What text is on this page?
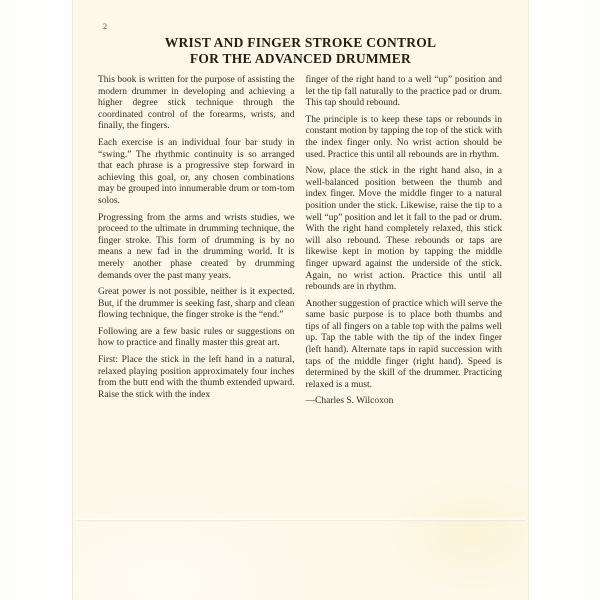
2
WRIST AND FINGER STROKE CONTROL
FOR THE ADVANCED DRUMMER

This book is written for the purpose of assisting the modern drummer in developing and achieving a higher degree stick technique through the coordinated control of the forearms, wrists, and finally, the fingers.

Each exercise is an individual four bar study in “swing.” The rhythmic continuity is so arranged that each phrase is a progressive step forward in achieving this goal, or, any chosen combinations may be grouped into innumerable drum or tom-tom solos.

Progressing from the arms and wrists studies, we proceed to the ultimate in drumming technique, the finger stroke. This form of drumming is by no means a new fad in the drumming world. It is merely another phase created by drumming demands over the past many years.

Great power is not possible, neither is it expected. But, if the drummer is seeking fast, sharp and clean flowing technique, the finger stroke is the “end.”

Following are a few basic rules or suggestions on how to practice and finally master this great art.

First: Place the stick in the left hand in a natural, relaxed playing position approximately four inches from the butt end with the thumb extended upward. Raise the stick with the index

finger of the right hand to a well “up” position and let the tip fall naturally to the practice pad or drum. This tap should rebound.

The principle is to keep these taps or rebounds in constant motion by tapping the top of the stick with the index finger only. No wrist action should be used. Practice this until all rebounds are in rhythm.

Now, place the stick in the right hand also, in a well-balanced position between the thumb and index finger. Move the middle finger to a natural position under the stick. Likewise, raise the tip to a well “up” position and let it fall to the pad or drum. With the right hand completely relaxed, this stick will also rebound. These rebounds or taps are likewise kept in motion by tapping the middle finger upward against the underside of the stick. Again, no wrist action. Practice this until all rebounds are in rhythm.

Another suggestion of practice which will serve the same basic purpose is to place both thumbs and tips of all fingers on a table top with the palms well up. Tap the table with the tip of the index finger (left hand). Alternate taps in rapid succession with taps of the middle finger (right hand). Speed is determined by the skill of the drummer. Practicing relaxed is a must.

—Charles S. Wilcoxon
